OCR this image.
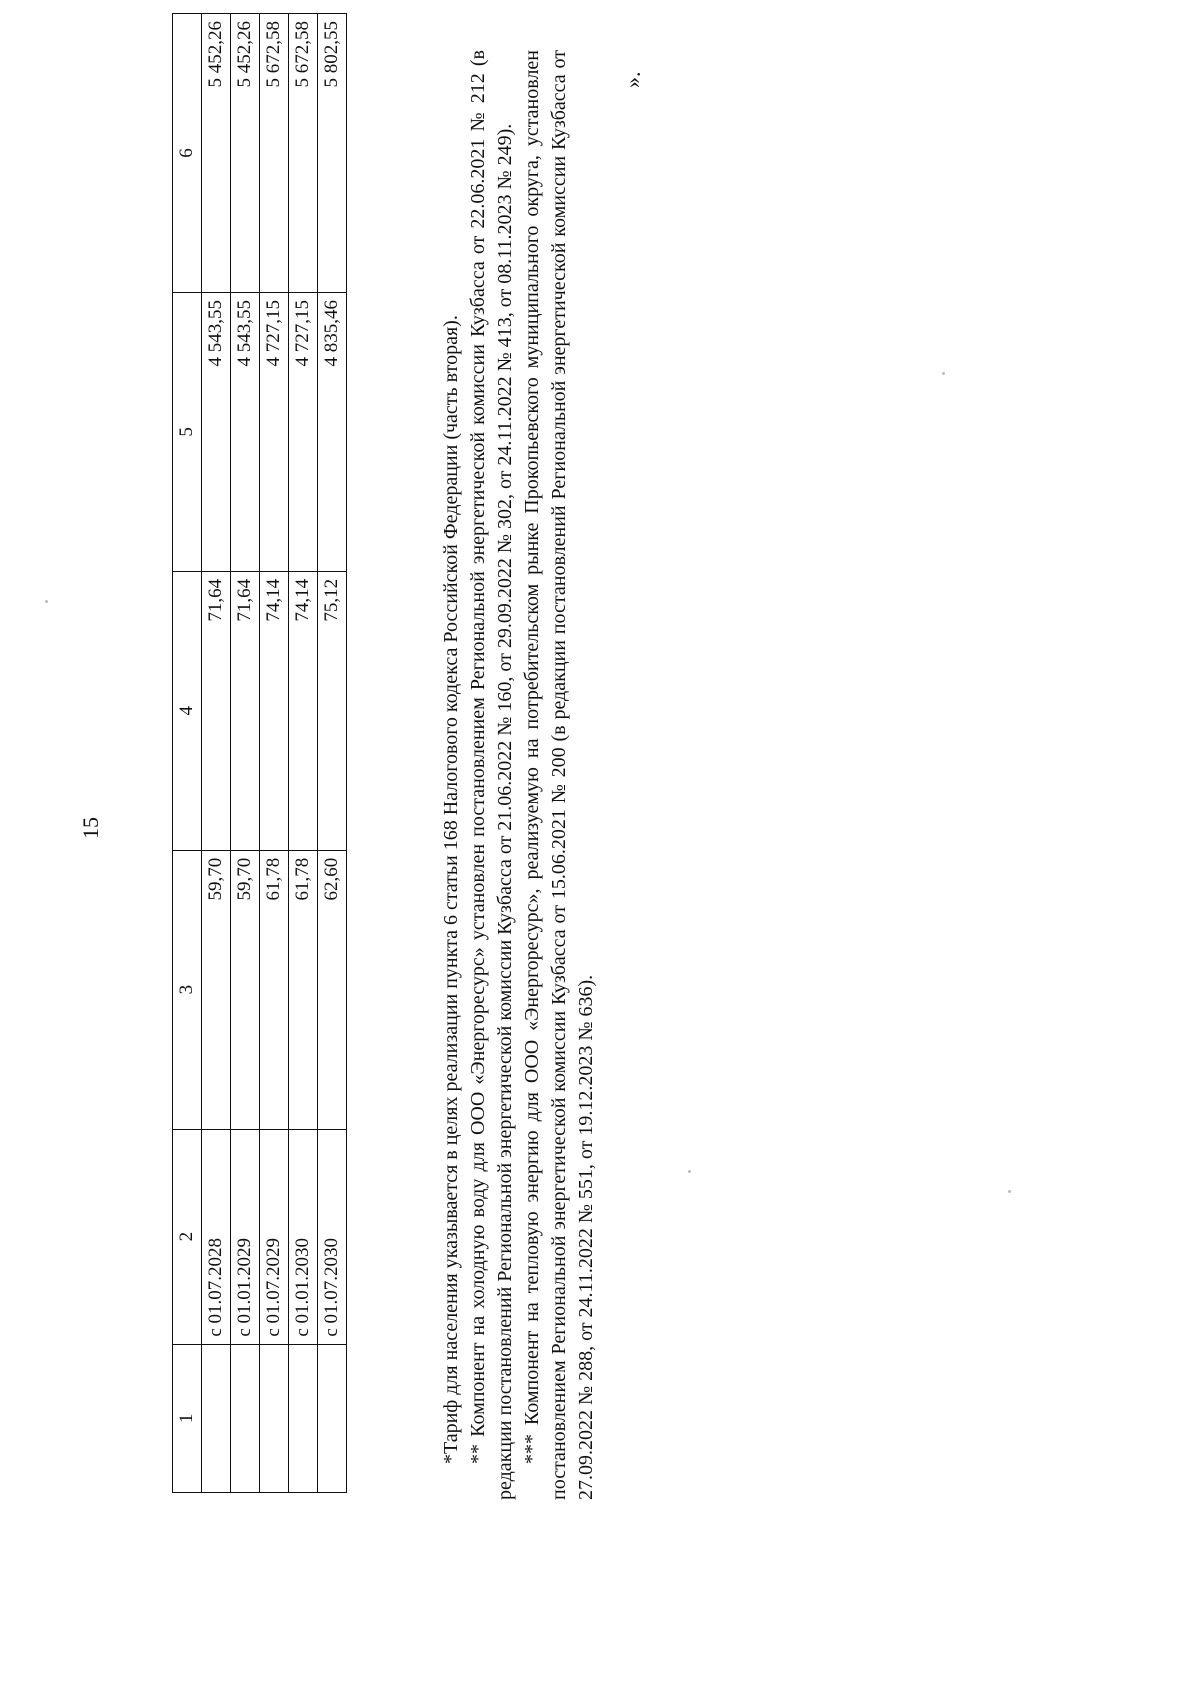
15
1	2	3	4	5	6
	с 01.07.2028	59,70	71,64	4 543,55	5 452,26
	с 01.01.2029	59,70	71,64	4 543,55	5 452,26
	с 01.07.2029	61,78	74,14	4 727,15	5 672,58
	с 01.01.2030	61,78	74,14	4 727,15	5 672,58
	с 01.07.2030	62,60	75,12	4 835,46	5 802,55

*Тариф для населения указывается в целях реализации пункта 6 статьи 168 Налогового кодекса Российской Федерации (часть вторая). ** Компонент на холодную воду для ООО «Энергоресурс» установлен постановлением Региональной энергетической комиссии Кузбасса от 22.06.2021 № 212 (в редакции постановлений Региональной энергетической комиссии Кузбасса от 21.06.2022 № 160, от 29.09.2022 № 302, от 24.11.2022 № 413, от 08.11.2023 № 249). *** Компонент на тепловую энергию для ООО «Энергоресурс», реализуемую на потребительском рынке Прокопьевского муниципального округа, установлен постановлением Региональной энергетической комиссии Кузбасса от 15.06.2021 № 200 (в редакции постановлений Региональной энергетической комиссии Кузбасса от 27.09.2022 № 288, от 24.11.2022 № 551, от 19.12.2023 № 636).

».
